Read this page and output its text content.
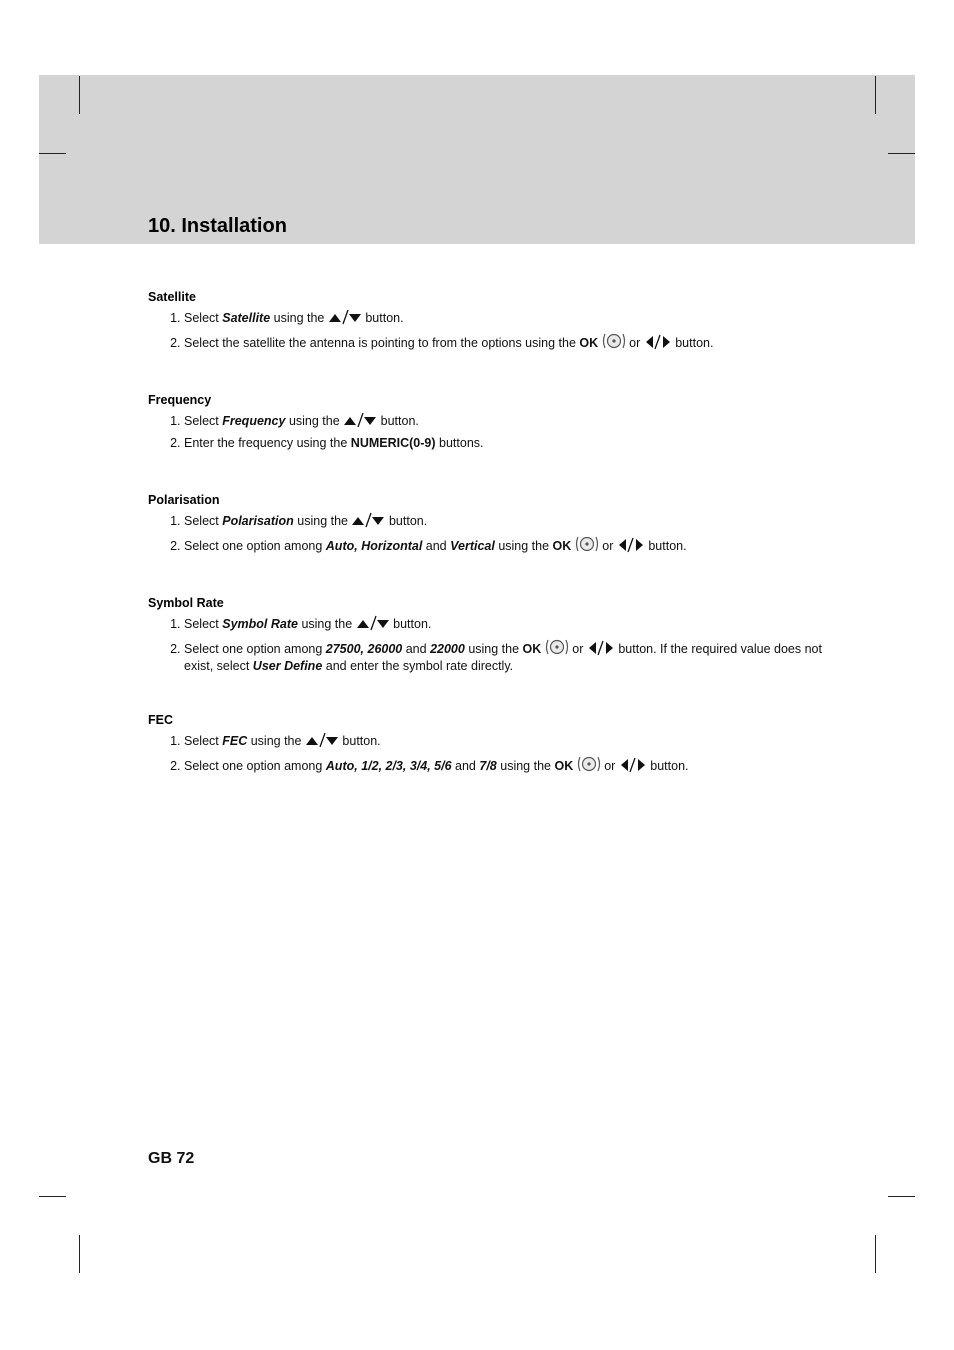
10. Installation
Satellite
1. Select Satellite using the	button.
2. Select the satellite the antenna is pointing to from the options using the OK or	button.
Frequency
1. Select Frequency using the	button.
2. Enter the frequency using the NUMERIC(0-9) buttons.
Polarisation
1. Select Polarisation using the	button.
2. Select one option among Auto, Horizontal and Vertical using the OK or	button.
Symbol Rate
1. Select Symbol Rate using the	button.
2. Select one option among 27500, 26000 and 22000 using the OK or	button. If the required value does not exist, select User Define and enter the symbol rate directly.
FEC
1. Select FEC using the	button.
2. Select one option among Auto, 1/2, 2/3, 3/4, 5/6 and 7/8 using the OK or	button.
GB 72
